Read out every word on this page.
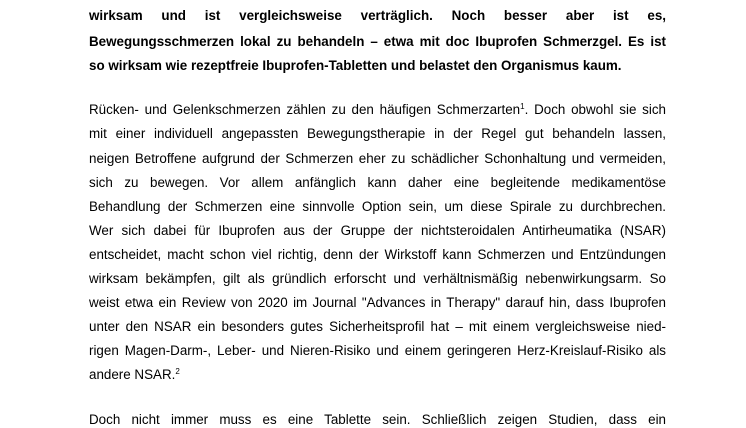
wirksam und ist vergleichsweise verträglich. Noch besser aber ist es,
Bewegungsschmerzen lokal zu behandeln – etwa mit doc Ibuprofen Schmerzgel. Es ist
so wirksam wie rezeptfreie Ibuprofen-Tabletten und belastet den Organismus kaum.
Rücken- und Gelenkschmerzen zählen zu den häufigen Schmerzarten$^1$. Doch obwohl sie sich
mit einer individuell angepassten Bewegungstherapie in der Regel gut behandeln lassen,
neigen Betroffene aufgrund der Schmerzen eher zu schädlicher Schonhaltung und vermeiden,
sich zu bewegen. Vor allem anfänglich kann daher eine begleitende medikamentöse
Behandlung der Schmerzen eine sinnvolle Option sein, um diese Spirale zu durchbrechen.
Wer sich dabei für Ibuprofen aus der Gruppe der nichtsteroidalen Antirheumatika (NSAR)
entscheidet, macht schon viel richtig, denn der Wirkstoff kann Schmerzen und Entzündungen
wirksam bekämpfen, gilt als gründlich erforscht und verhältnismäßig nebenwirkungsarm. So
weist etwa ein Review von 2020 im Journal "Advances in Therapy" darauf hin, dass Ibuprofen
unter den NSAR ein besonders gutes Sicherheitsprofil hat – mit einem vergleichsweise nied-
rigen Magen-Darm-, Leber- und Nieren-Risiko und einem geringeren Herz-Kreislauf-Risiko als
andere NSAR.$^2$
Doch nicht immer muss es eine Tablette sein. Schließlich zeigen Studien, dass ein
